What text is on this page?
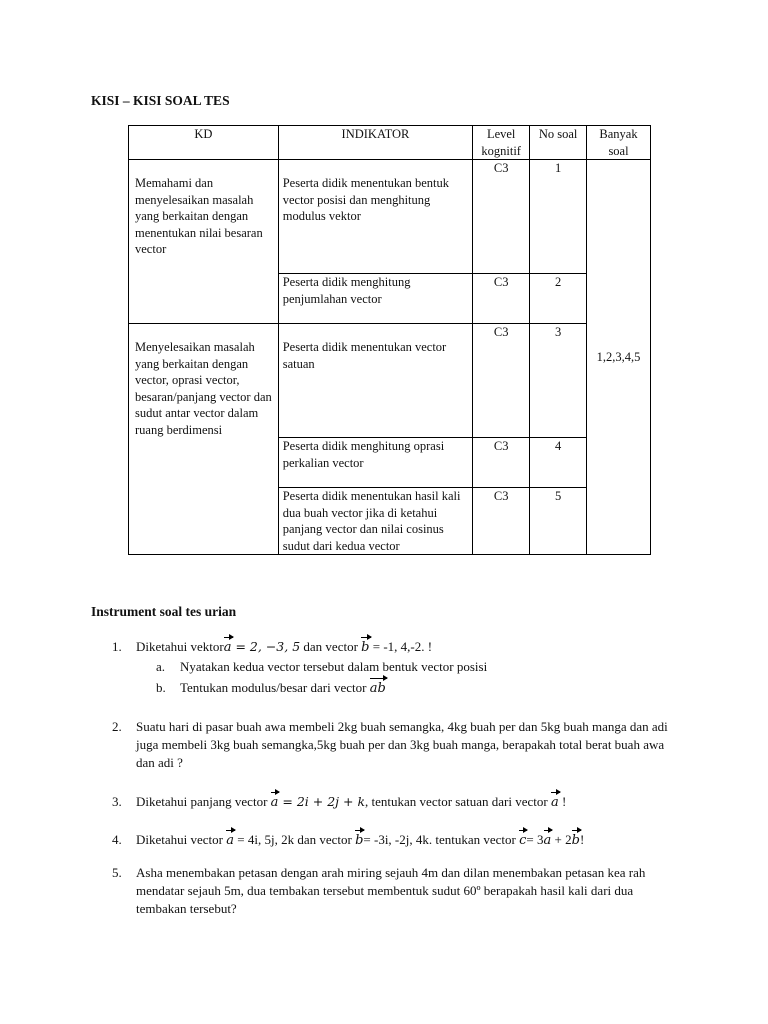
KISI – KISI SOAL TES
KD	INDIKATOR	Level kognitif	No soal	Banyak soal

Memahami dan menyelesaikan masalah yang berkaitan dengan menentukan nilai besaran vector	Peserta didik menentukan bentuk vector posisi dan menghitung modulus vektor	C3	1	1,2,3,4,5
	Peserta didik menghitung penjumlahan vector	C3	2	

Menyelesaikan masalah yang berkaitan dengan vector, oprasi vector, besaran/panjang vector dan sudut antar vector dalam ruang berdimensi	Peserta didik menentukan vector satuan	C3	3	
	Peserta didik menghitung oprasi perkalian vector	C3	4	
	Peserta didik menentukan hasil kali dua buah vector jika di ketahui panjang vector dan nilai cosinus sudut dari kedua vector	C3	5	
Instrument soal tes urian
1.	Diketahui vektora = 2, −3, 5 dan vector b = -1, 4,-2. !
a. Nyatakan kedua vector tersebut dalam bentuk vector posisi
b. Tentukan modulus/besar dari vector ab
2.	Suatu hari di pasar buah awa membeli 2kg buah semangka, 4kg buah per dan 5kg buah manga dan adi juga membeli 3kg buah semangka,5kg buah per dan 3kg buah manga, berapakah total berat buah awa dan adi ?
3.	Diketahui panjang vector a = 2i + 2j + k, tentukan vector satuan dari vector a !
4.	Diketahui vector a = 4i, 5j, 2k dan vector b= -3i, -2j, 4k. tentukan vector c= 3a + 2b!
5.	Asha menembakan petasan dengan arah miring sejauh 4m dan dilan menembakan petasan kea rah mendatar sejauh 5m, dua tembakan tersebut membentuk sudut 60º berapakah hasil kali dari dua tembakan tersebut?
